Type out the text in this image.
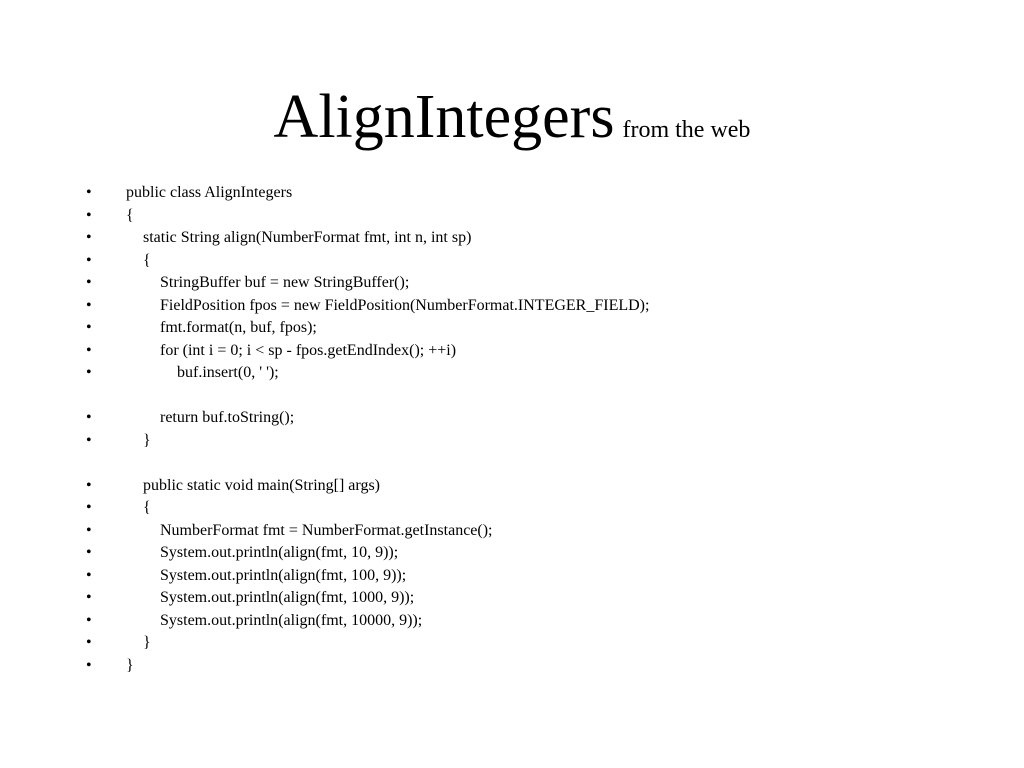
AlignIntegers from the web
• public class AlignIntegers
• {
•	static String align(NumberFormat fmt, int n, int sp)
•	{
•	StringBuffer buf = new StringBuffer();
•	FieldPosition fpos = new FieldPosition(NumberFormat.INTEGER_FIELD);
•	fmt.format(n, buf, fpos);
•	for (int i = 0; i < sp - fpos.getEndIndex(); ++i)
•	buf.insert(0, ' ');
•	return buf.toString();
•	}
•	public static void main(String[] args)
•	{
•	NumberFormat fmt = NumberFormat.getInstance();
•	System.out.println(align(fmt, 10, 9));
•	System.out.println(align(fmt, 100, 9));
•	System.out.println(align(fmt, 1000, 9));
•	System.out.println(align(fmt, 10000, 9));
•	}
• }
